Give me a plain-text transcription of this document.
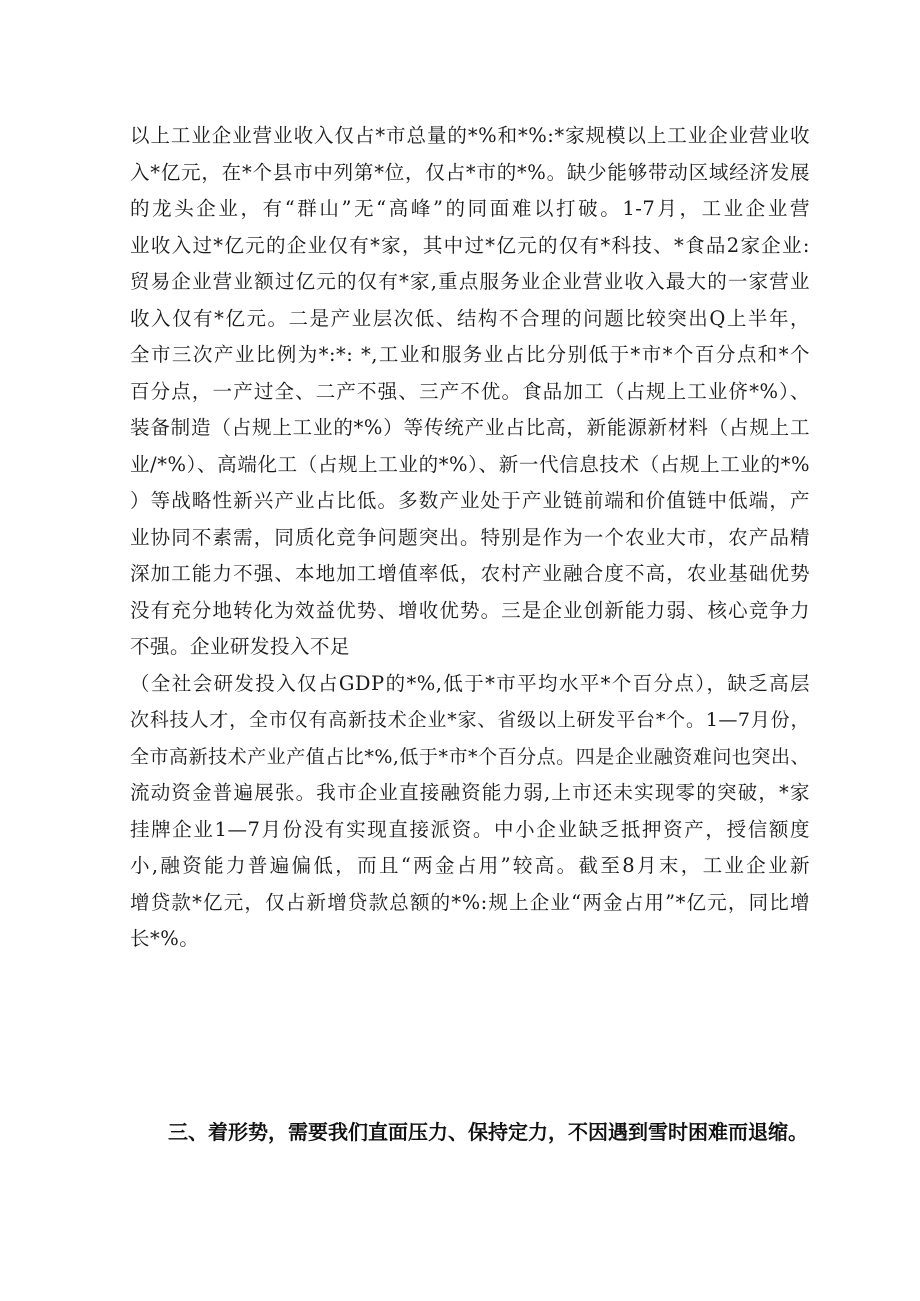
以上工业企业营业收入仅占*市总量的*%和*%:*家规模以上工业企业营业收
入*亿元，在*个县市中列第*位，仅占*市的*%。缺少能够带动区域经济发展
的龙头企业，有“群山”无“高峰”的同面难以打破。1-7月，工业企业营
业收入过*亿元的企业仅有*家，其中过*亿元的仅有*科技、*食品2家企业:
贸易企业营业额过亿元的仅有*家,重点服务业企业营业收入最大的一家营业
收入仅有*亿元。二是产业层次低、结构不合理的问题比较突出Q上半年，
全市三次产业比例为*:*: *,工业和服务业占比分别低于*市*个百分点和*个
百分点，一产过全、二产不强、三产不优。食品加工（占规上工业侪*%）、
装备制造（占规上工业的*%）等传统产业占比高，新能源新材料（占规上工
业/*%）、高端化工（占规上工业的*%）、新一代信息技术（占规上工业的*%
）等战略性新兴产业占比低。多数产业处于产业链前端和价值链中低端，产
业协同不素需，同质化竞争问题突出。特别是作为一个农业大市，农产品精
深加工能力不强、本地加工增值率低，农村产业融合度不高，农业基础优势
没有充分地转化为效益优势、增收优势。三是企业创新能力弱、核心竞争力
不强。企业研发投入不足
（全社会研发投入仅占GDP的*%,低于*市平均水平*个百分点），缺乏高层
次科技人才，全市仅有高新技术企业*家、省级以上研发平台*个。1—7月份，
全市高新技术产业产值占比*%,低于*市*个百分点。四是企业融资难问也突出、
流动资金普遍展张。我市企业直接融资能力弱,上市还未实现零的突破，*家
挂牌企业1—7月份没有实现直接派资。中小企业缺乏抵押资产，授信额度
小,融资能力普遍偏低，而且“两金占用”较高。截至8月末，工业企业新
增贷款*亿元，仅占新增贷款总额的*%:规上企业“两金占用”*亿元，同比增
长*%。
三、着形势，需要我们直面压力、保持定力，不因遇到雪时困难而退缩。
